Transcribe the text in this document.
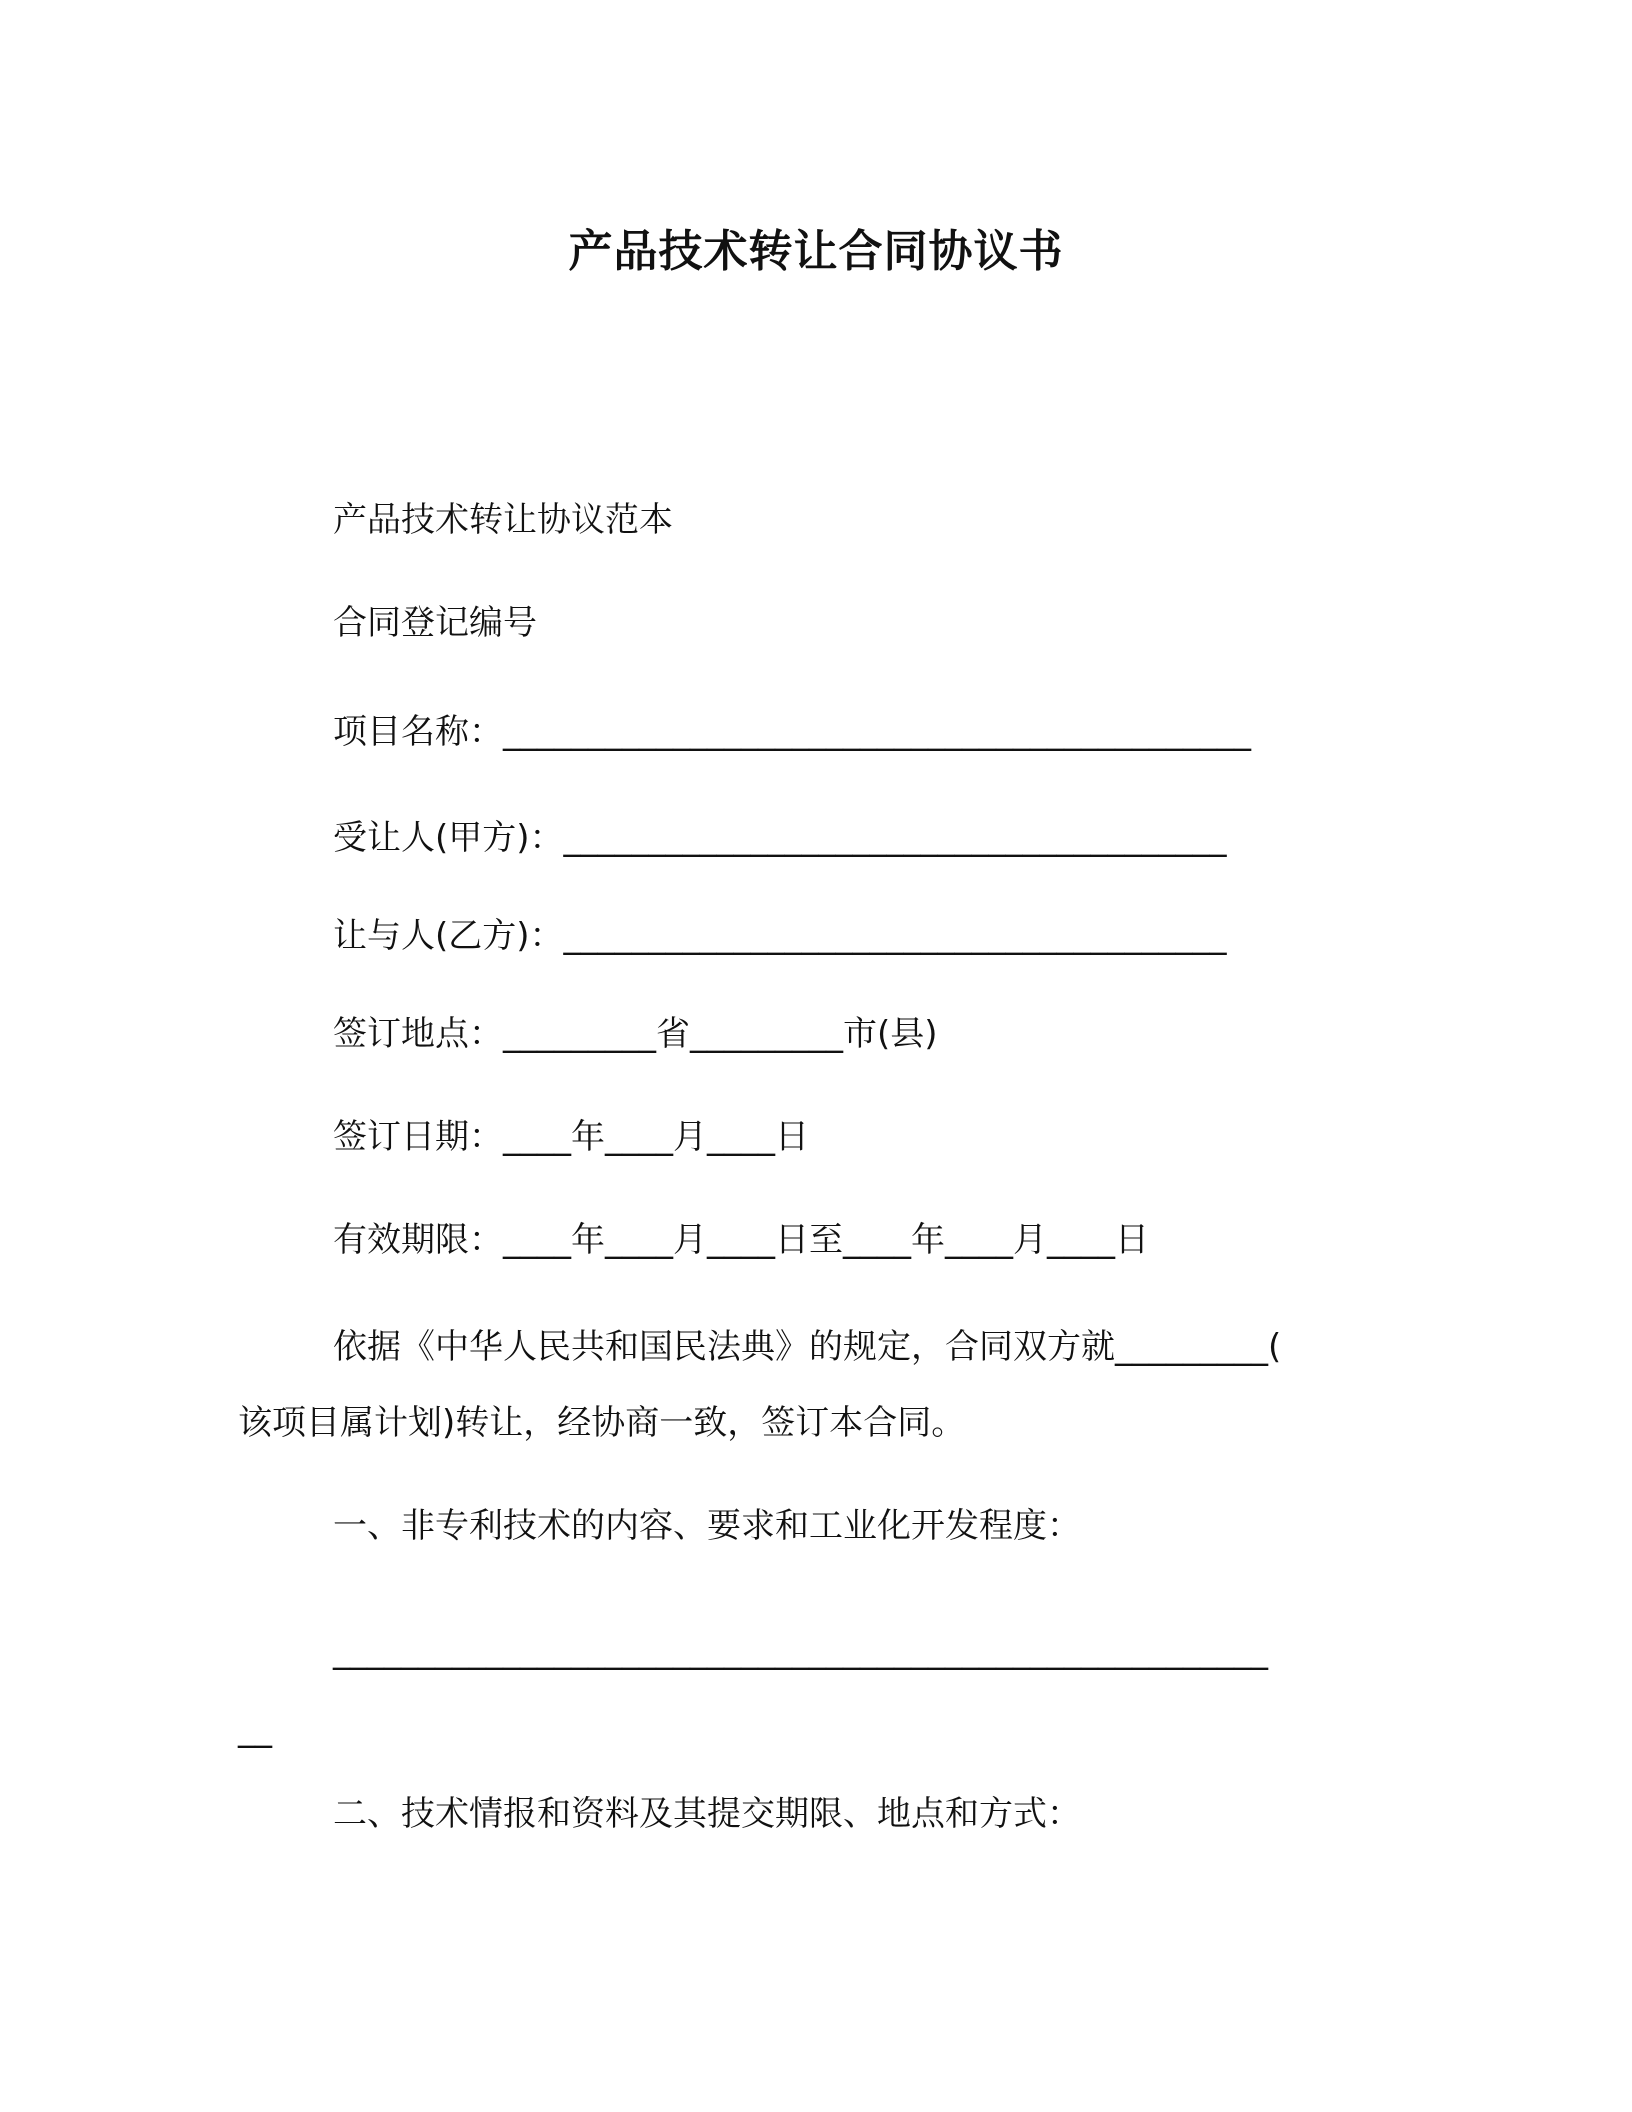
产品技术转让合同协议书
产品技术转让协议范本
合同登记编号
项目名称：____________________________________________
受让人(甲方)：_______________________________________
让与人(乙方)：_______________________________________
签订地点：_________省_________市(县)
签订日期：____年____月____日
有效期限：____年____月____日至____年____月____日
依据《中华人民共和国民法典》的规定，合同双方就_________(
该项目属计划)转让，经协商一致，签订本合同。
一、非专利技术的内容、要求和工业化开发程度：
_______________________________________________________
__
二、技术情报和资料及其提交期限、地点和方式：
